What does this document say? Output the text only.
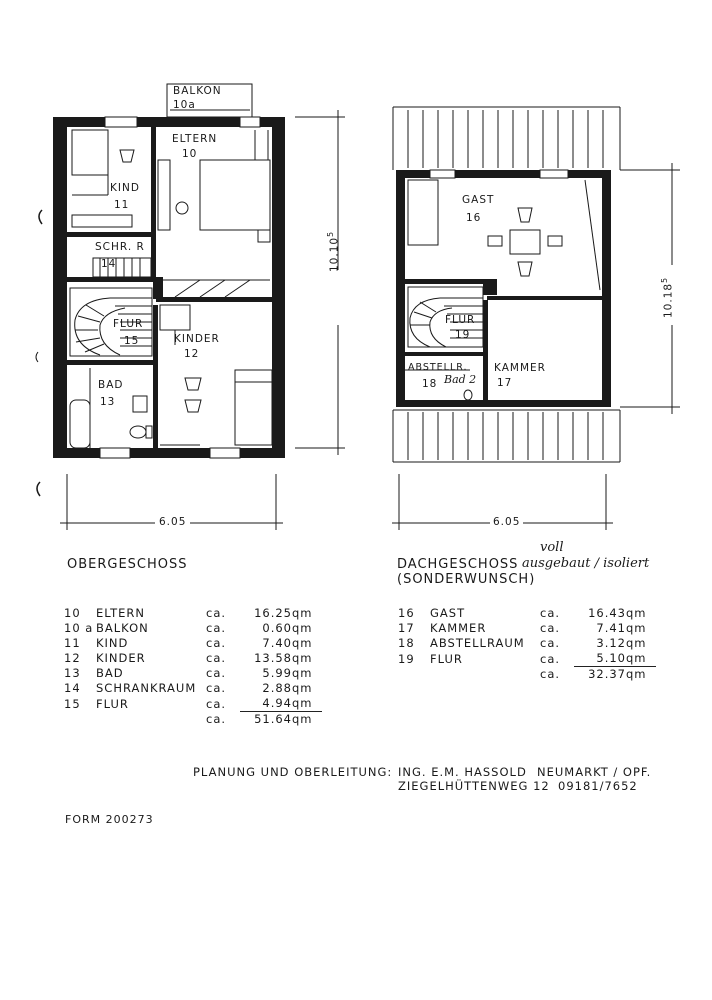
BALKON
10a
ELTERN
10
KIND
11
SCHR. R
14
FLUR
15	KINDER
12
BAD
13
6.05
10.10$^5$
GAST
16
FLUR
19
ABSTELLR.
18 Bad 2
KAMMER
17
6.05
10.18$^5$
OBERGESCHOSS	DACHGESCHOSS
(SONDERWUNSCH)
voll
ausgebaut / isoliert
10	ELTERN	ca.	16.25	qm
10 a	BALKON	ca.	0.60	qm
11	KIND	ca.	7.40	qm
12	KINDER	ca.	13.58	qm
13	BAD	ca.	5.99	qm
14	SCHRANKRAUM	ca.	2.88	qm
15	FLUR	ca.	4.94	qm
		ca.	51.64	qm
16	GAST	ca.	16.43	qm
17	KAMMER	ca.	7.41	qm
18	ABSTELLRAUM	ca.	3.12	qm
19	FLUR	ca.	5.10	qm
		ca.	32.37	qm
PLANUNG UND OBERLEITUNG: ING. E.M. HASSOLD NEUMARKT / OPF.
ZIEGELHÜTTENWEG 12 09181/7652
FORM 200273
